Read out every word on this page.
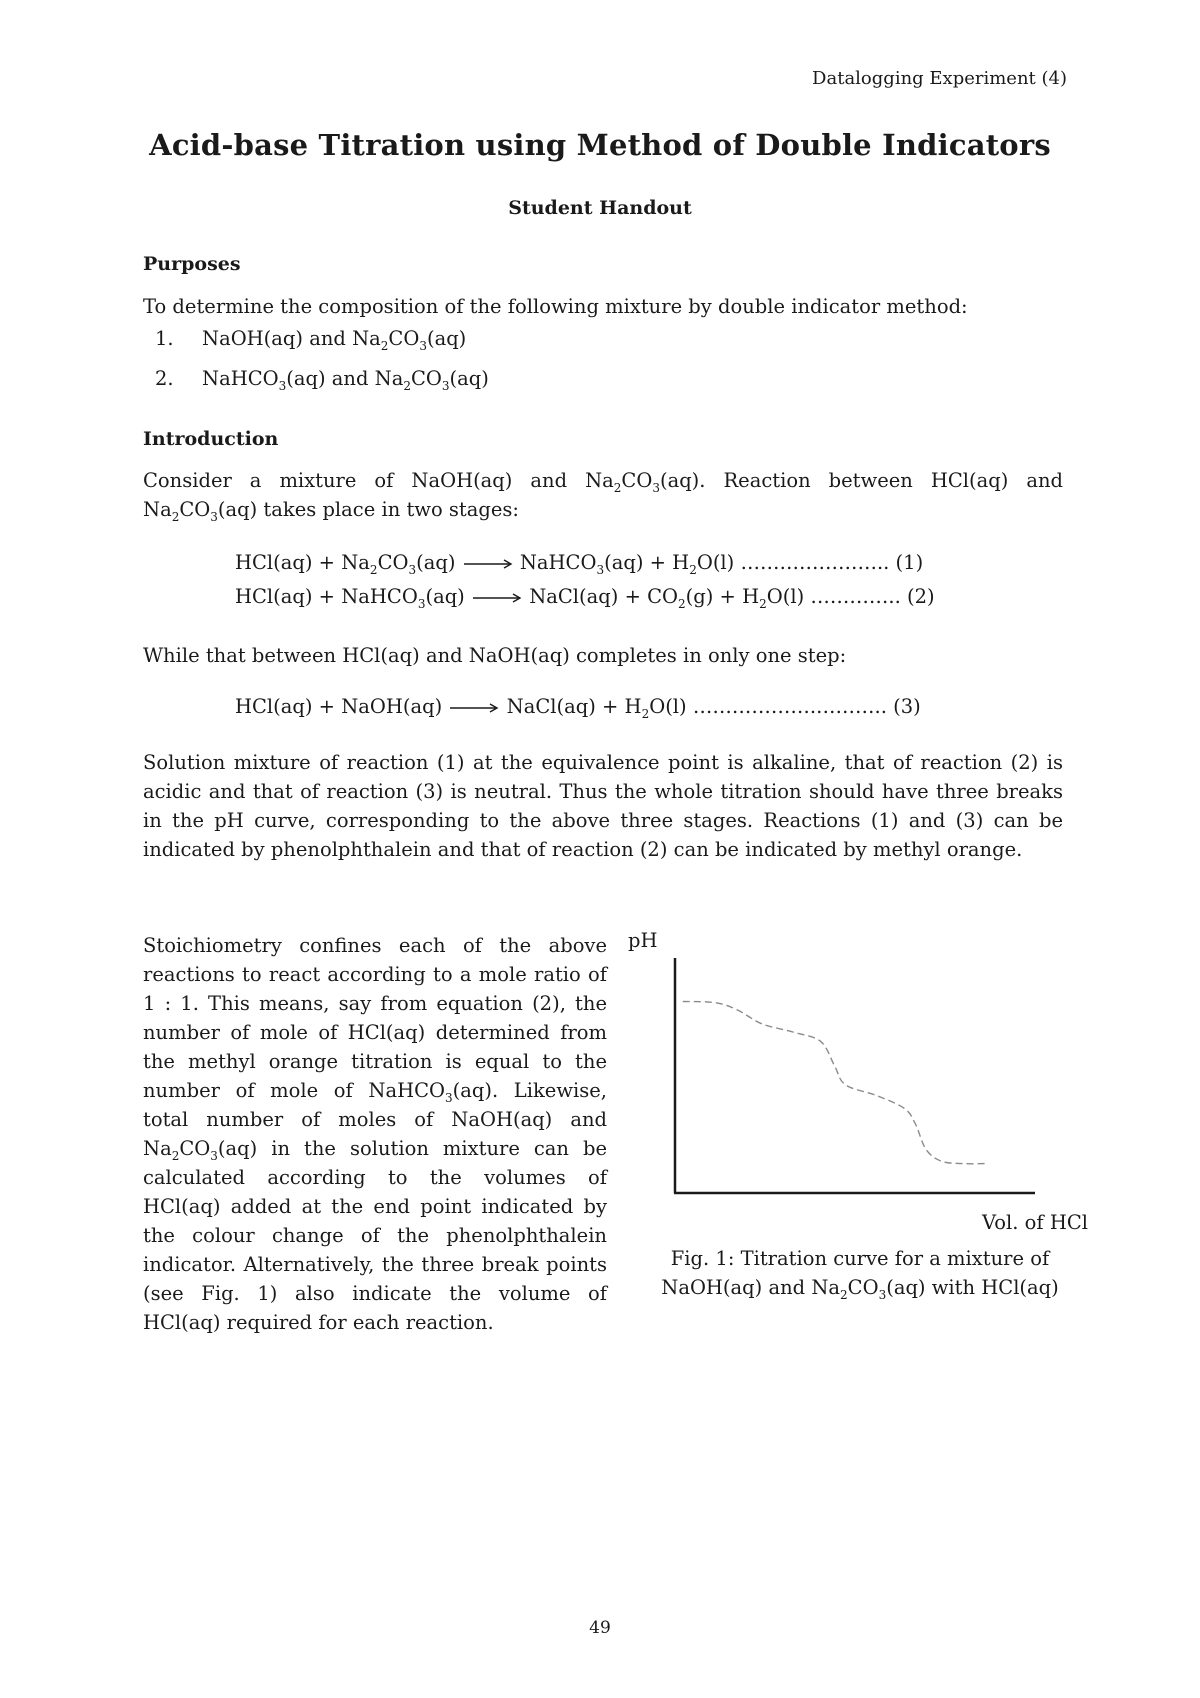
Datalogging Experiment (4)
Acid-base Titration using Method of Double Indicators
Student Handout
Purposes
To determine the composition of the following mixture by double indicator method:
1. NaOH(aq) and $Na_2CO_3(aq)$
2. NaHCO$_3$(aq) and $Na_2CO_3(aq)$
Introduction
Consider a mixture of NaOH(aq) and $Na_2CO_3(aq)$. Reaction between HCl(aq) and $Na_2CO_3(aq)$ takes place in two stages:
$HCl(aq) + Na_2CO_3(aq)$ → NaHCO$_3$(aq) + $H_2O(l)$ ………………….. (1)
HCl(aq) + NaHCO$_3$(aq) → NaCl(aq) + $CO_2(g) + H_2O(l)$ ………….. (2)
While that between HCl(aq) and NaOH(aq) completes in only one step:
HCl(aq) + NaOH(aq) → NaCl(aq) + $H_2O(l)$ ……………….……….. (3)
Solution mixture of reaction (1) at the equivalence point is alkaline, that of reaction (2) is acidic and that of reaction (3) is neutral. Thus the whole titration should have three breaks in the pH curve, corresponding to the above three stages. Reactions (1) and (3) can be indicated by phenolphthalein and that of reaction (2) can be indicated by methyl orange.
Stoichiometry confines each of the above reactions to react according to a mole ratio of 1 : 1. This means, say from equation (2), the number of mole of HCl(aq) determined from the methyl orange titration is equal to the number of mole of NaHCO$_3$(aq). Likewise, total number of moles of NaOH(aq) and $Na_2CO_3(aq)$ in the solution mixture can be calculated according to the volumes of HCl(aq) added at the end point indicated by the colour change of the phenolphthalein indicator. Alternatively, the three break points (see Fig. 1) also indicate the volume of HCl(aq) required for each reaction.
pH
Vol. of HCl
Fig. 1: Titration curve for a mixture of
NaOH(aq) and $Na_2CO_3(aq)$ with HCl(aq)
49
